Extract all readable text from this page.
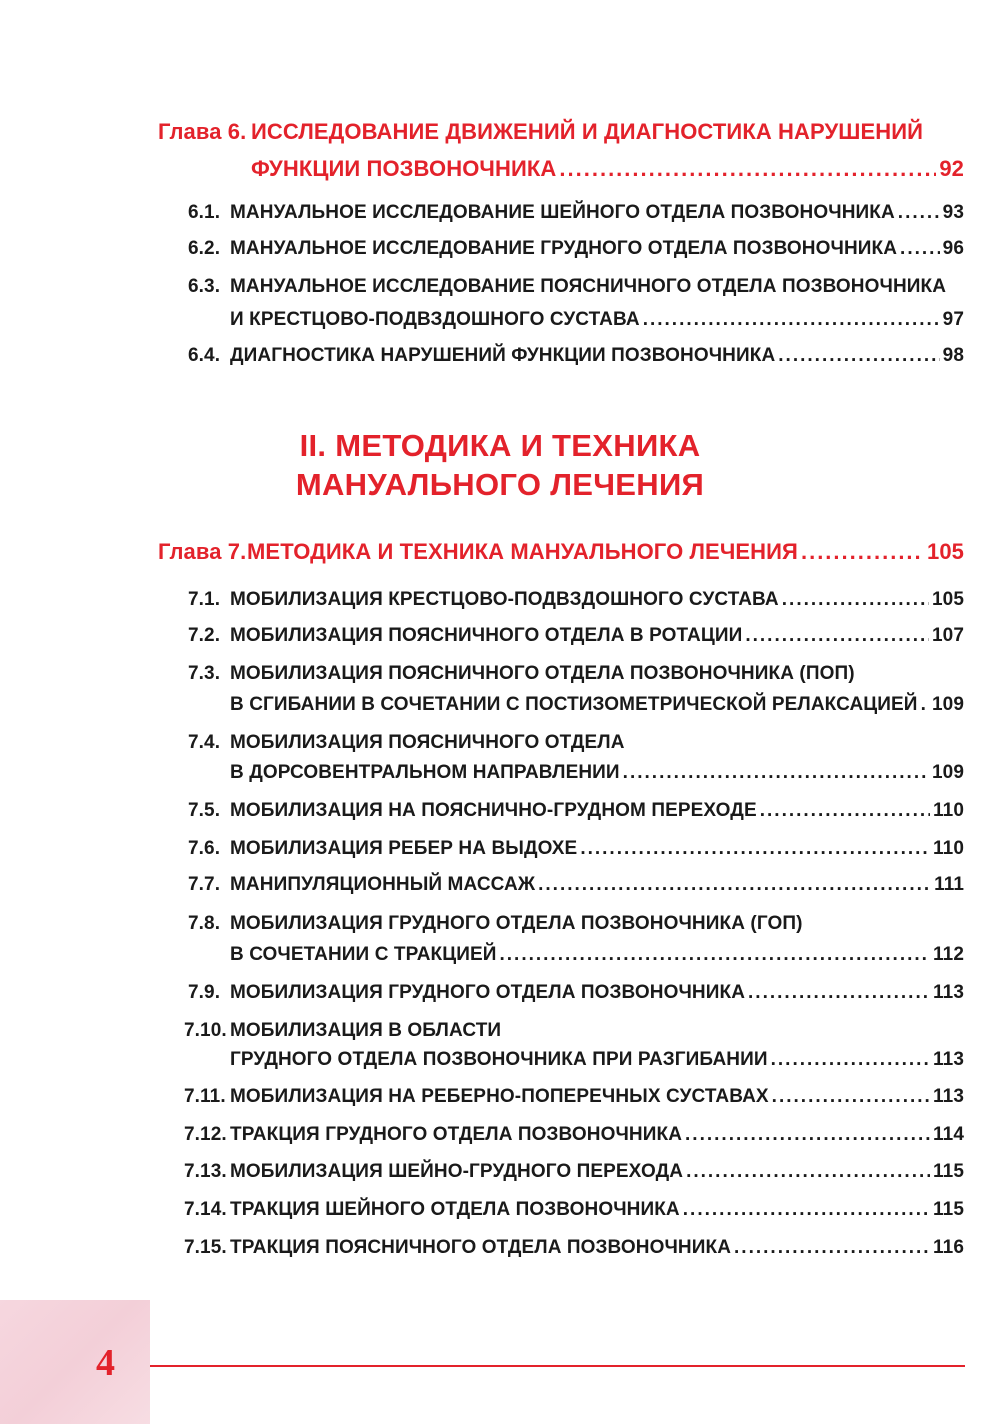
Глава 6. ИССЛЕДОВАНИЕ ДВИЖЕНИЙ И ДИАГНОСТИКА НАРУШЕНИЙ
ФУНКЦИИ ПОЗВОНОЧНИКА .....	92
6.1. МАНУАЛЬНОЕ ИССЛЕДОВАНИЕ ШЕЙНОГО ОТДЕЛА ПОЗВОНОЧНИКА .....	93
6.2. МАНУАЛЬНОЕ ИССЛЕДОВАНИЕ ГРУДНОГО ОТДЕЛА ПОЗВОНОЧНИКА ..... 96
6.3. МАНУАЛЬНОЕ ИССЛЕДОВАНИЕ ПОЯСНИЧНОГО ОТДЕЛА ПОЗВОНОЧНИКА
И КРЕСТЦОВО-ПОДВЗДОШНОГО СУСТАВА .....	97
6.4. ДИАГНОСТИКА НАРУШЕНИЙ ФУНКЦИИ ПОЗВОНОЧНИКА .....	98
II. МЕТОДИКА И ТЕХНИКА
МАНУАЛЬНОГО ЛЕЧЕНИЯ
Глава 7. МЕТОДИКА И ТЕХНИКА МАНУАЛЬНОГО ЛЕЧЕНИЯ .....	105
7.1. МОБИЛИЗАЦИЯ КРЕСТЦОВО-ПОДВЗДОШНОГО СУСТАВА .....	105
7.2. МОБИЛИЗАЦИЯ ПОЯСНИЧНОГО ОТДЕЛА В РОТАЦИИ .....	107
7.3. МОБИЛИЗАЦИЯ ПОЯСНИЧНОГО ОТДЕЛА ПОЗВОНОЧНИКА (ПОП)
В СГИБАНИИ В СОЧЕТАНИИ С ПОСТИЗОМЕТРИЧЕСКОЙ РЕЛАКСАЦИЕЙ ..... 109
7.4. МОБИЛИЗАЦИЯ ПОЯСНИЧНОГО ОТДЕЛА
В ДОРСОВЕНТРАЛЬНОМ НАПРАВЛЕНИИ .....	109
7.5. МОБИЛИЗАЦИЯ НА ПОЯСНИЧНО-ГРУДНОМ ПЕРЕХОДЕ .....	110
7.6. МОБИЛИЗАЦИЯ РЕБЕР НА ВЫДОХЕ .....	110
7.7. МАНИПУЛЯЦИОННЫЙ МАССАЖ .....	111
7.8. МОБИЛИЗАЦИЯ ГРУДНОГО ОТДЕЛА ПОЗВОНОЧНИКА (ГОП)
В СОЧЕТАНИИ С ТРАКЦИЕЙ .....	112
7.9. МОБИЛИЗАЦИЯ ГРУДНОГО ОТДЕЛА ПОЗВОНОЧНИКА .....	113
7.10. МОБИЛИЗАЦИЯ В ОБЛАСТИ
ГРУДНОГО ОТДЕЛА ПОЗВОНОЧНИКА ПРИ РАЗГИБАНИИ .....	113
7.11. МОБИЛИЗАЦИЯ НА РЕБЕРНО-ПОПЕРЕЧНЫХ СУСТАВАХ .....	113
7.12. ТРАКЦИЯ ГРУДНОГО ОТДЕЛА ПОЗВОНОЧНИКА .....	114
7.13. МОБИЛИЗАЦИЯ ШЕЙНО-ГРУДНОГО ПЕРЕХОДА .....	115
7.14. ТРАКЦИЯ ШЕЙНОГО ОТДЕЛА ПОЗВОНОЧНИКА .....	115
7.15. ТРАКЦИЯ ПОЯСНИЧНОГО ОТДЕЛА ПОЗВОНОЧНИКА .....	116
4
